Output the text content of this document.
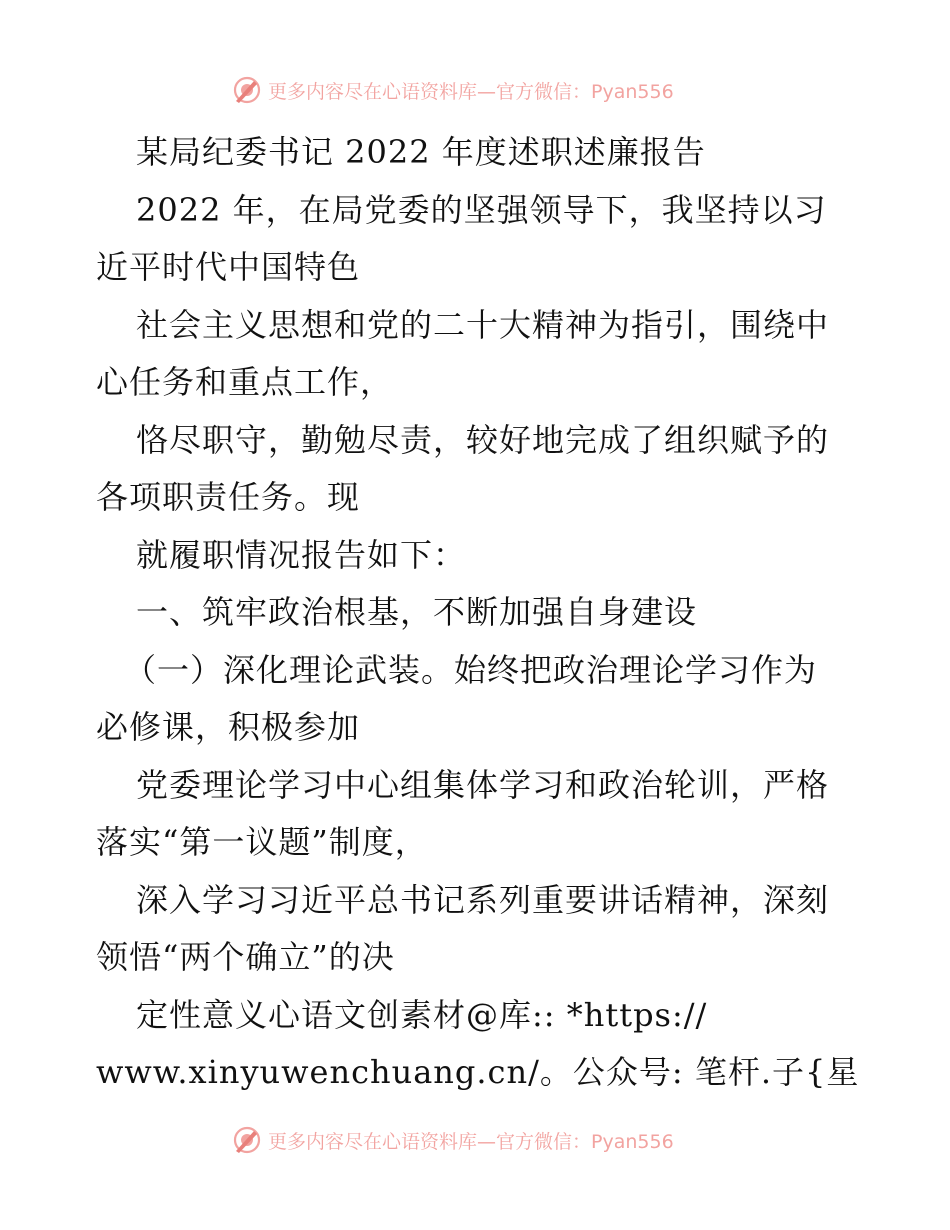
更多内容尽在心语资料库—官方微信：Pyan556
某局纪委书记 2022 年度述职述廉报告
2022 年，在局党委的坚强领导下，我坚持以习
近平时代中国特色
社会主义思想和党的二十大精神为指引，围绕中
心任务和重点工作，
恪尽职守，勤勉尽责，较好地完成了组织赋予的
各项职责任务。现
就履职情况报告如下：
一、筑牢政治根基，不断加强自身建设
（一）深化理论武装。始终把政治理论学习作为
必修课，积极参加
党委理论学习中心组集体学习和政治轮训，严格
落实“第一议题”制度，
深入学习习近平总书记系列重要讲话精神，深刻
领悟“两个确立”的决
定性意义心语文创素材@库:: *https://
www.xinyuwenchuang.cn/。公众号: 笔杆.子{星
更多内容尽在心语资料库—官方微信：Pyan556
